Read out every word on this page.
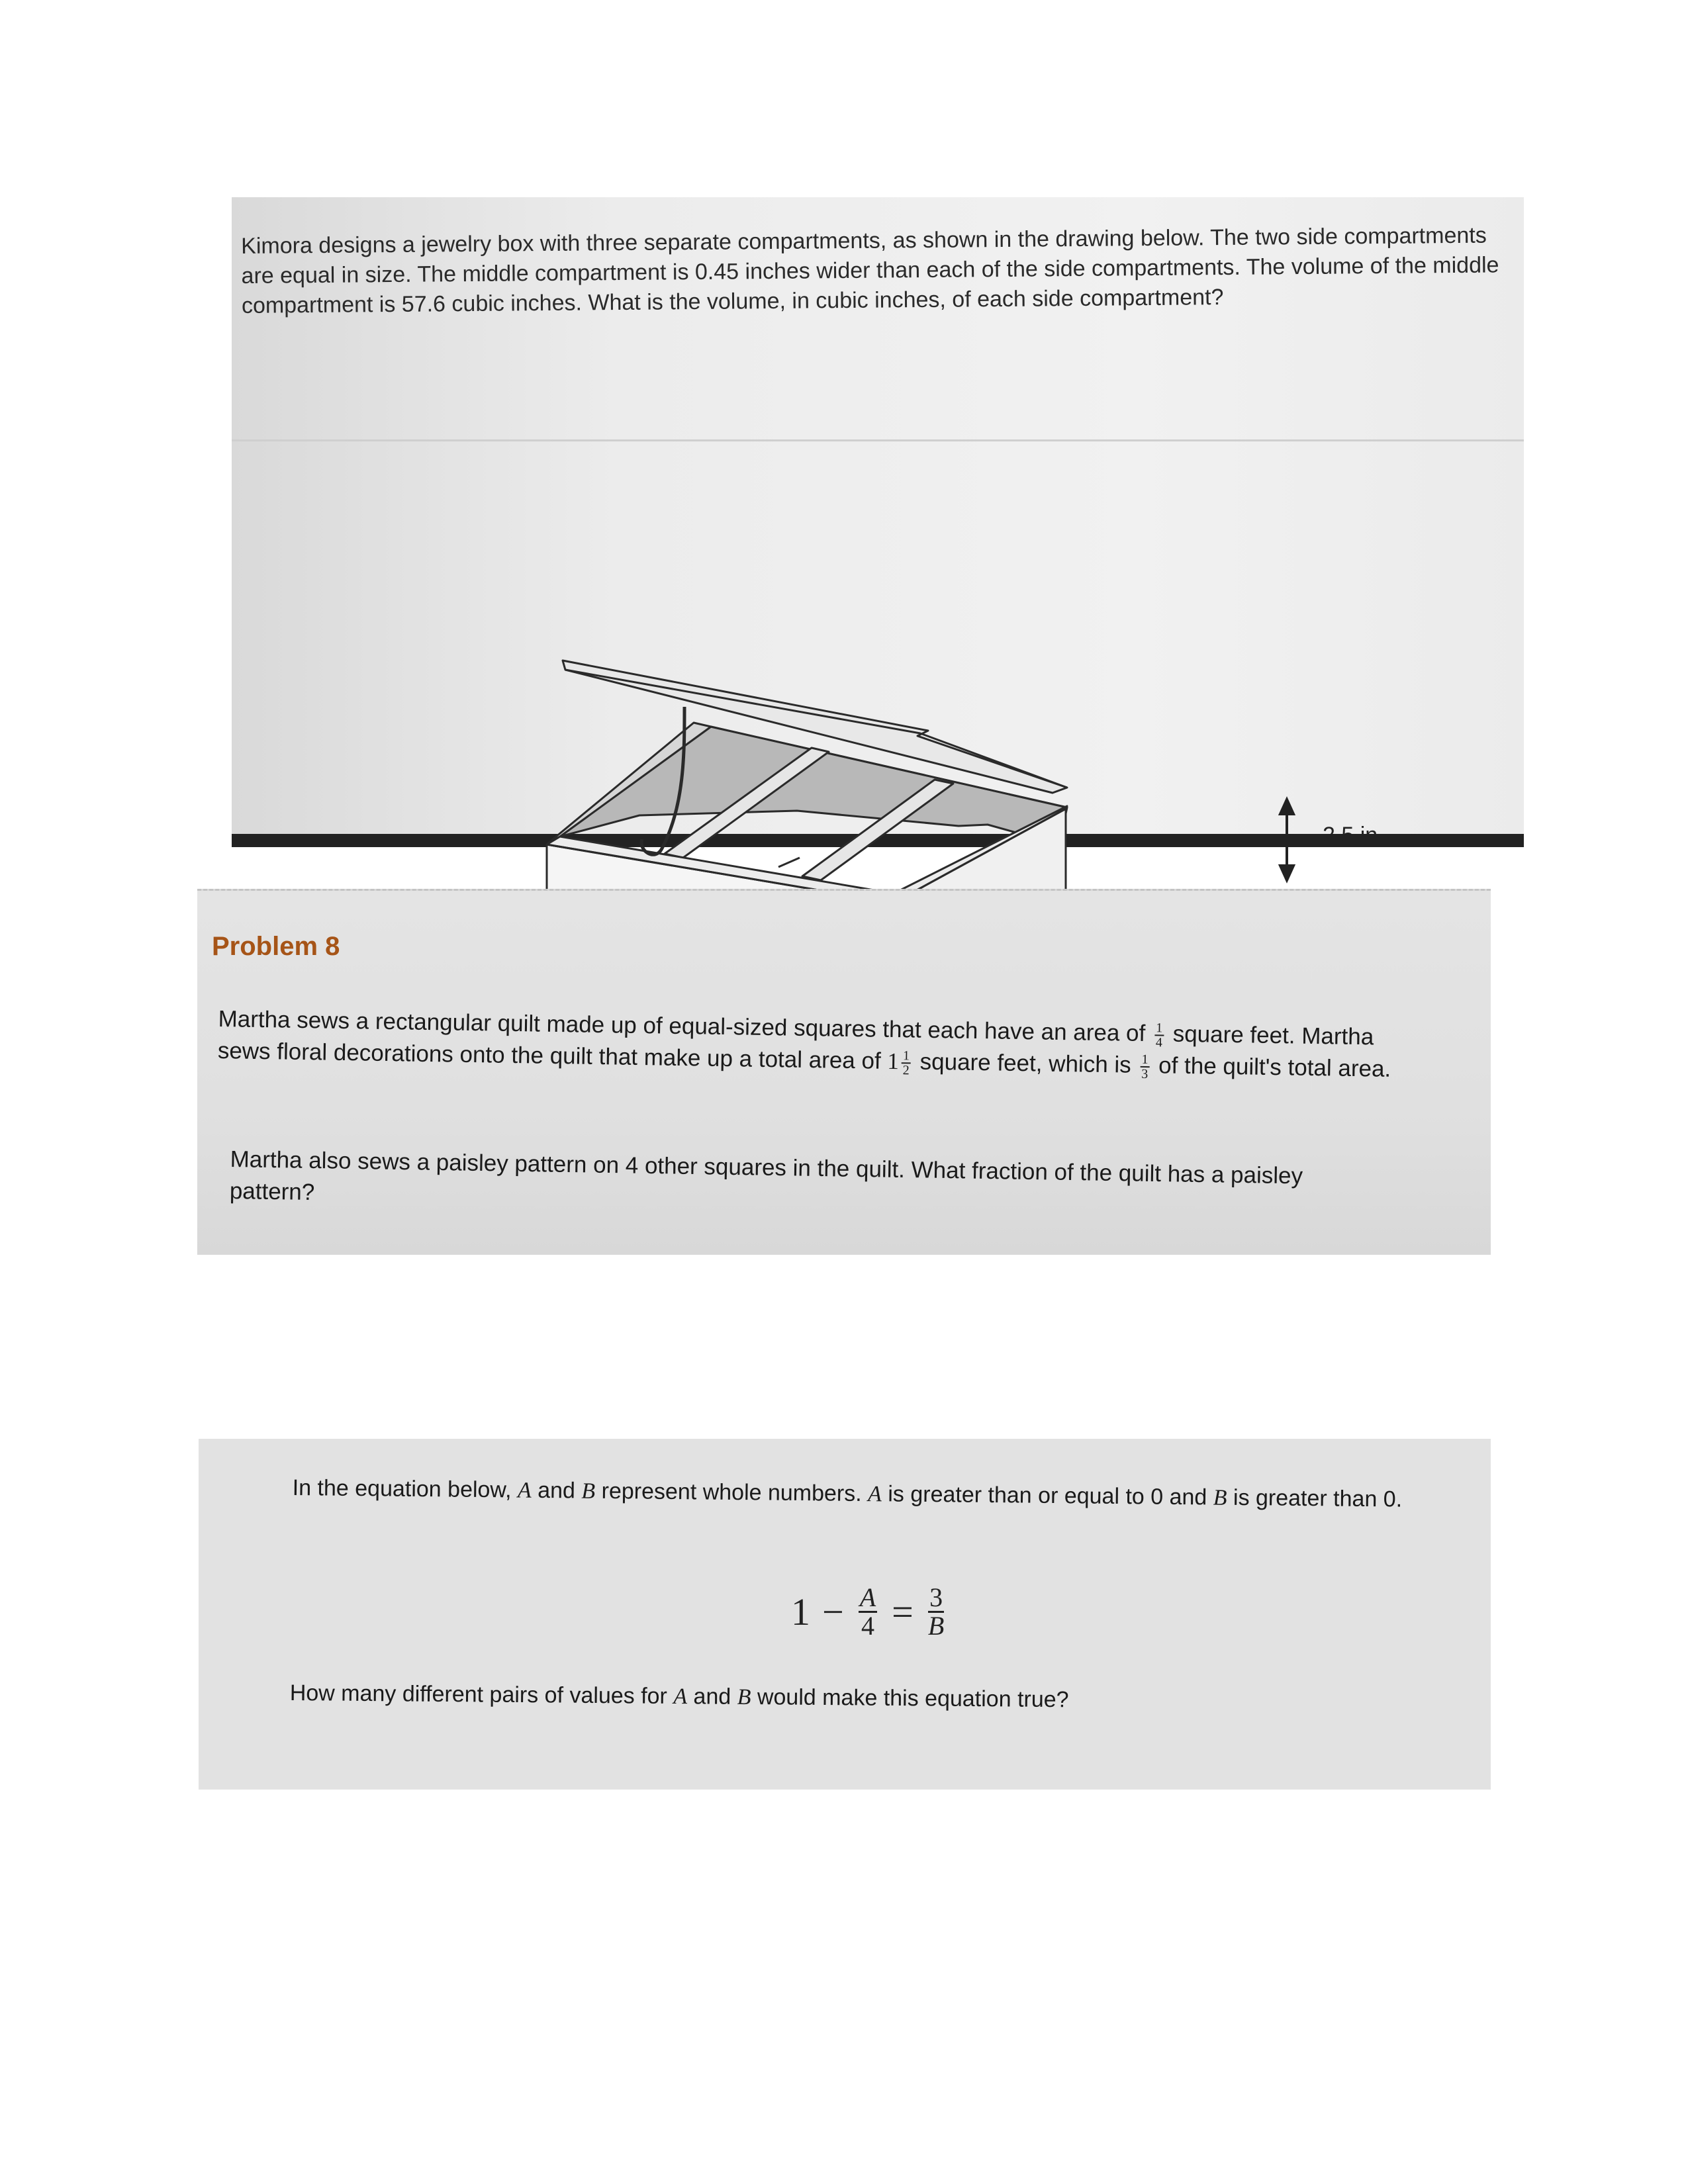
Kimora designs a jewelry box with three separate compartments, as shown in the drawing below. The two side compartments are equal in size. The middle compartment is 0.45 inches wider than each of the side compartments. The volume of the middle compartment is 57.6 cubic inches. What is the volume, in cubic inches, of each side compartment?

2.5 in
Problem 8

Martha sews a rectangular quilt made up of equal-sized squares that each have an area of $\frac{1}{4}$ square feet. Martha sews floral decorations onto the quilt that make up a total area of $1 \frac{1}{2}$ square feet, which is $\frac{1}{3}$ of the quilt's total area.

Martha also sews a paisley pattern on 4 other squares in the quilt. What fraction of the quilt has a paisley pattern?

In the equation below, A and B represent whole numbers. A is greater than or equal to 0 and B is greater than 0.

$1 - \frac{A}{4} = \frac{3}{B}$

How many different pairs of values for A and B would make this equation true?
